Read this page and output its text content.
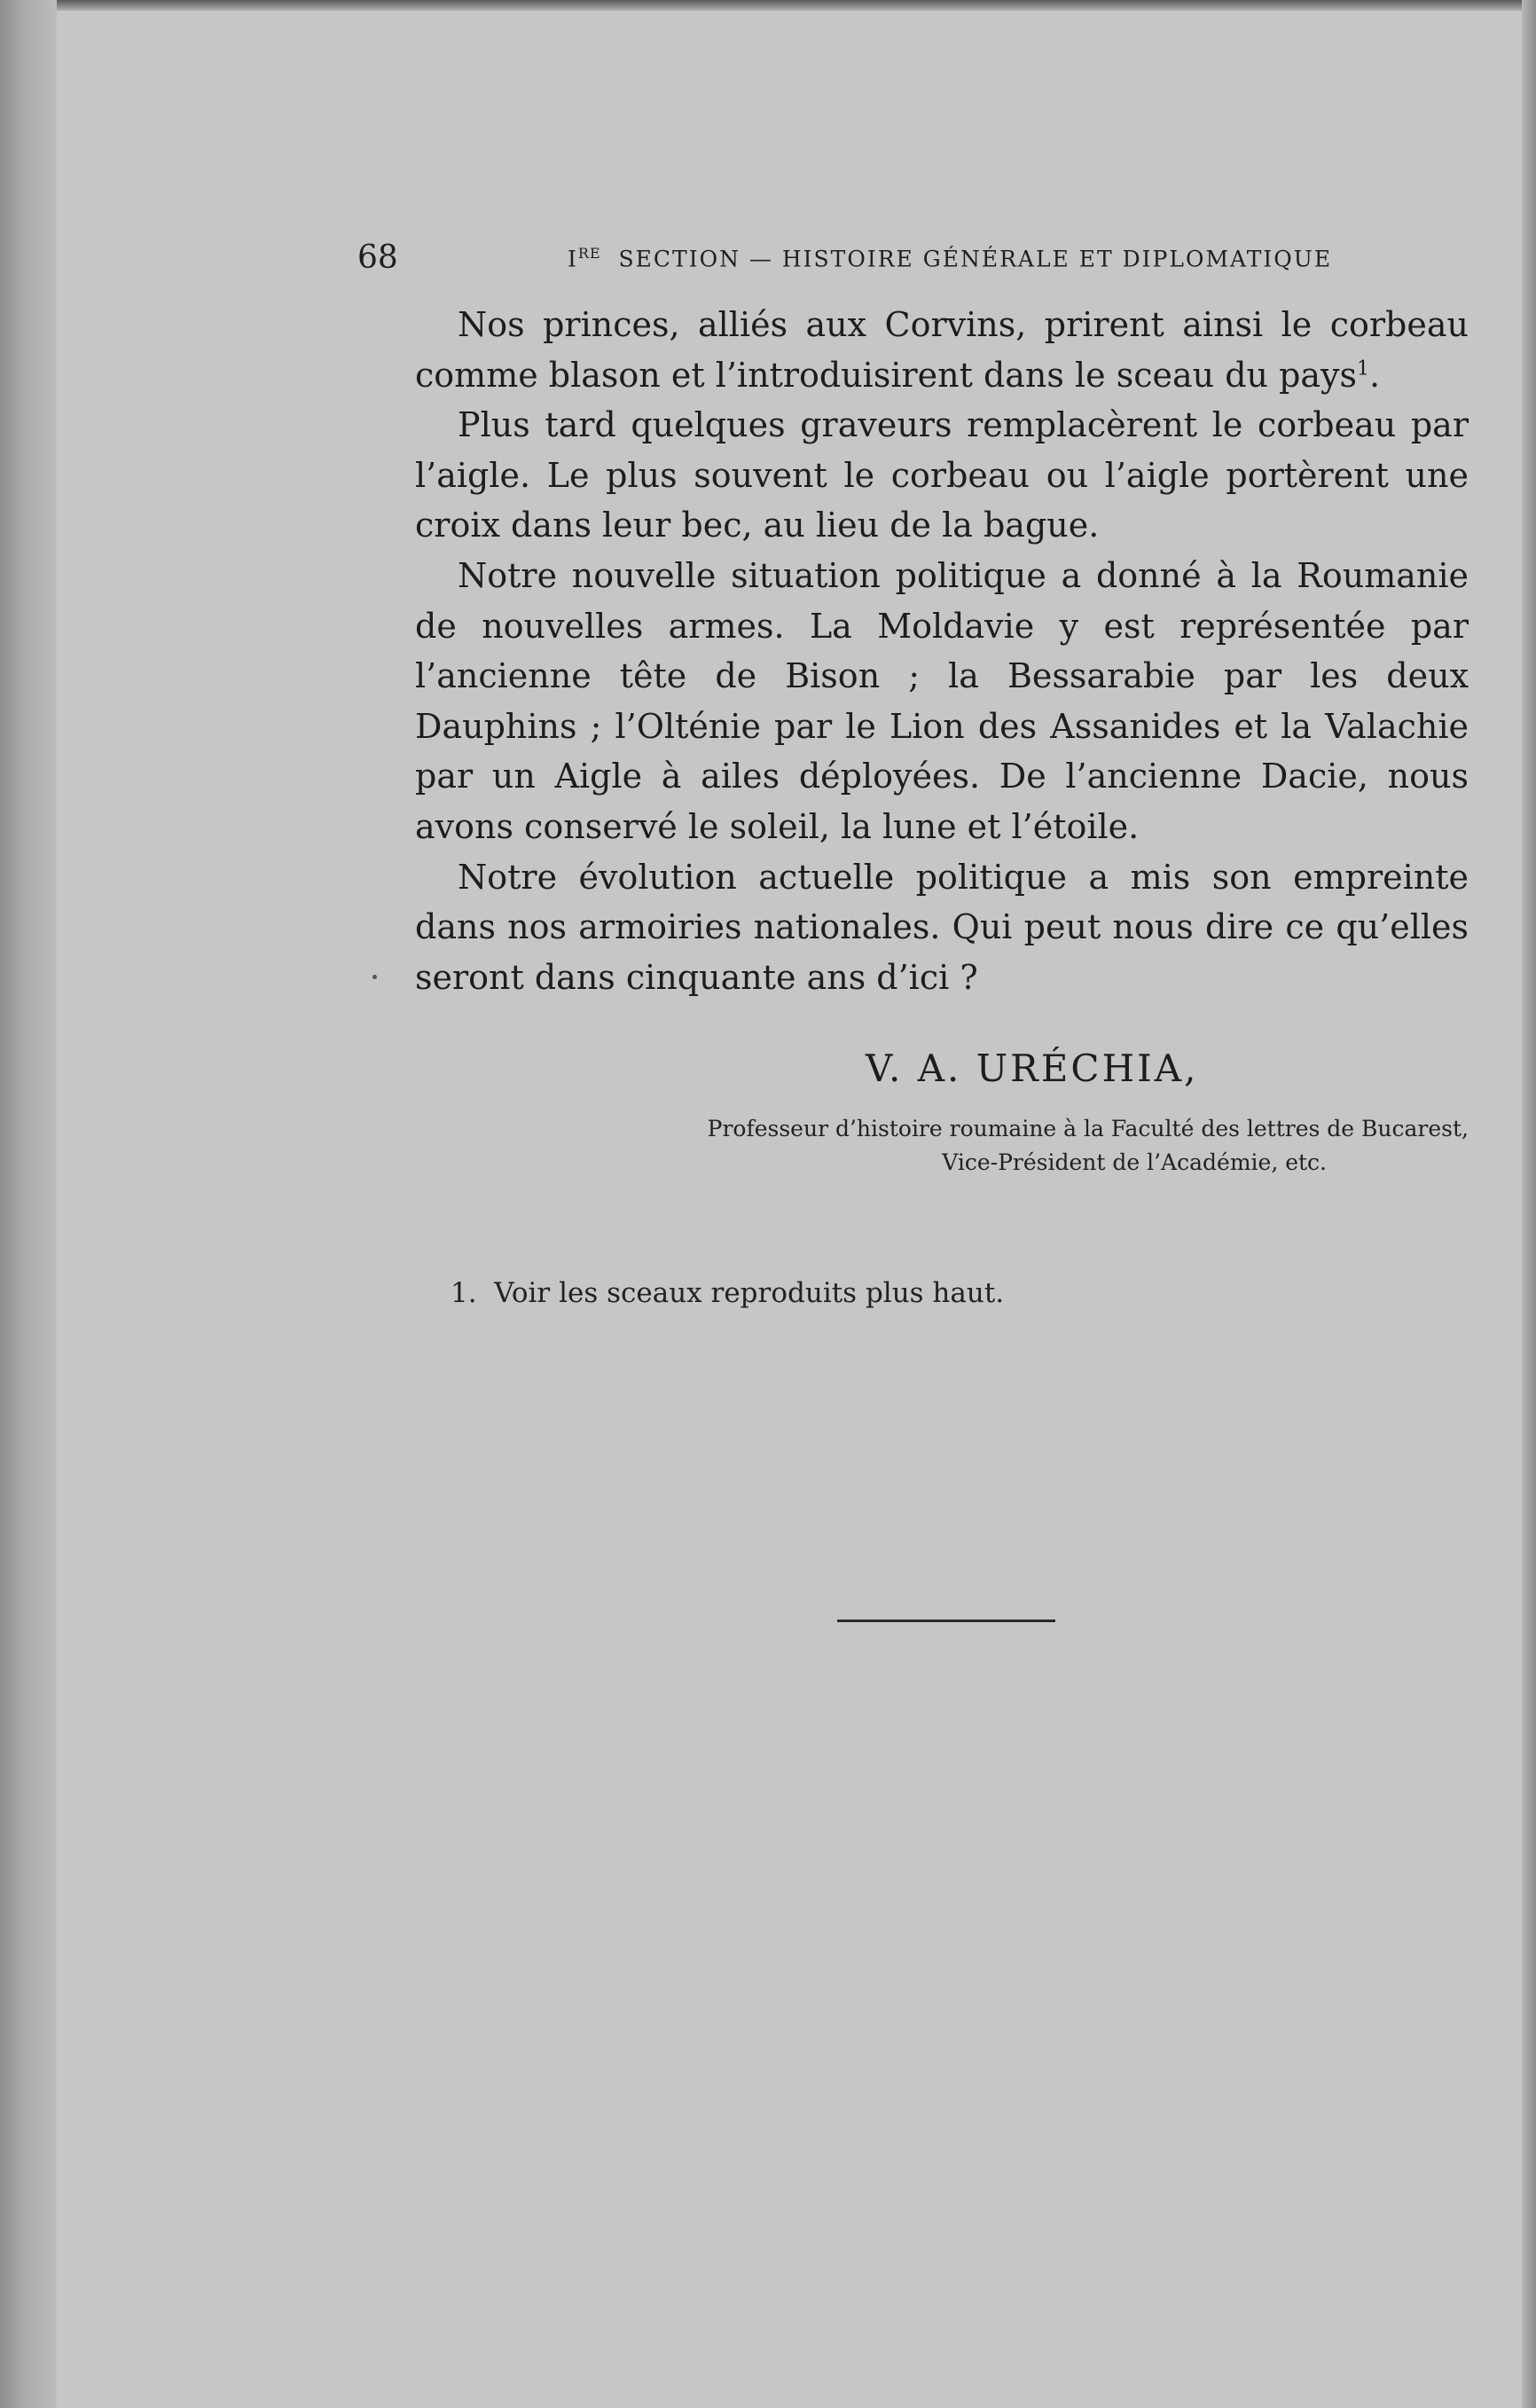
68	IRE SECTION — HISTOIRE GÉNÉRALE ET DIPLOMATIQUE

Nos princes, alliés aux Corvins, prirent ainsi le corbeau comme blason et l’introduisirent dans le sceau du pays$^1$.

Plus tard quelques graveurs remplacèrent le corbeau par l’aigle. Le plus souvent le corbeau ou l’aigle portèrent une croix dans leur bec, au lieu de la bague.

Notre nouvelle situation politique a donné à la Roumanie de nouvelles armes. La Moldavie y est représentée par l’ancienne tête de Bison ; la Bessarabie par les deux Dauphins ; l’Olténie par le Lion des Assanides et la Valachie par un Aigle à ailes déployées. De l’ancienne Dacie, nous avons conservé le soleil, la lune et l’étoile.

Notre évolution actuelle politique a mis son empreinte dans nos armoiries nationales. Qui peut nous dire ce qu’elles seront dans cinquante ans d’ici ?

V. A. URÉCHIA,
Professeur d’histoire roumaine à la Faculté des lettres de Bucarest,
Vice-Président de l’Académie, etc.
1. Voir les sceaux reproduits plus haut.
